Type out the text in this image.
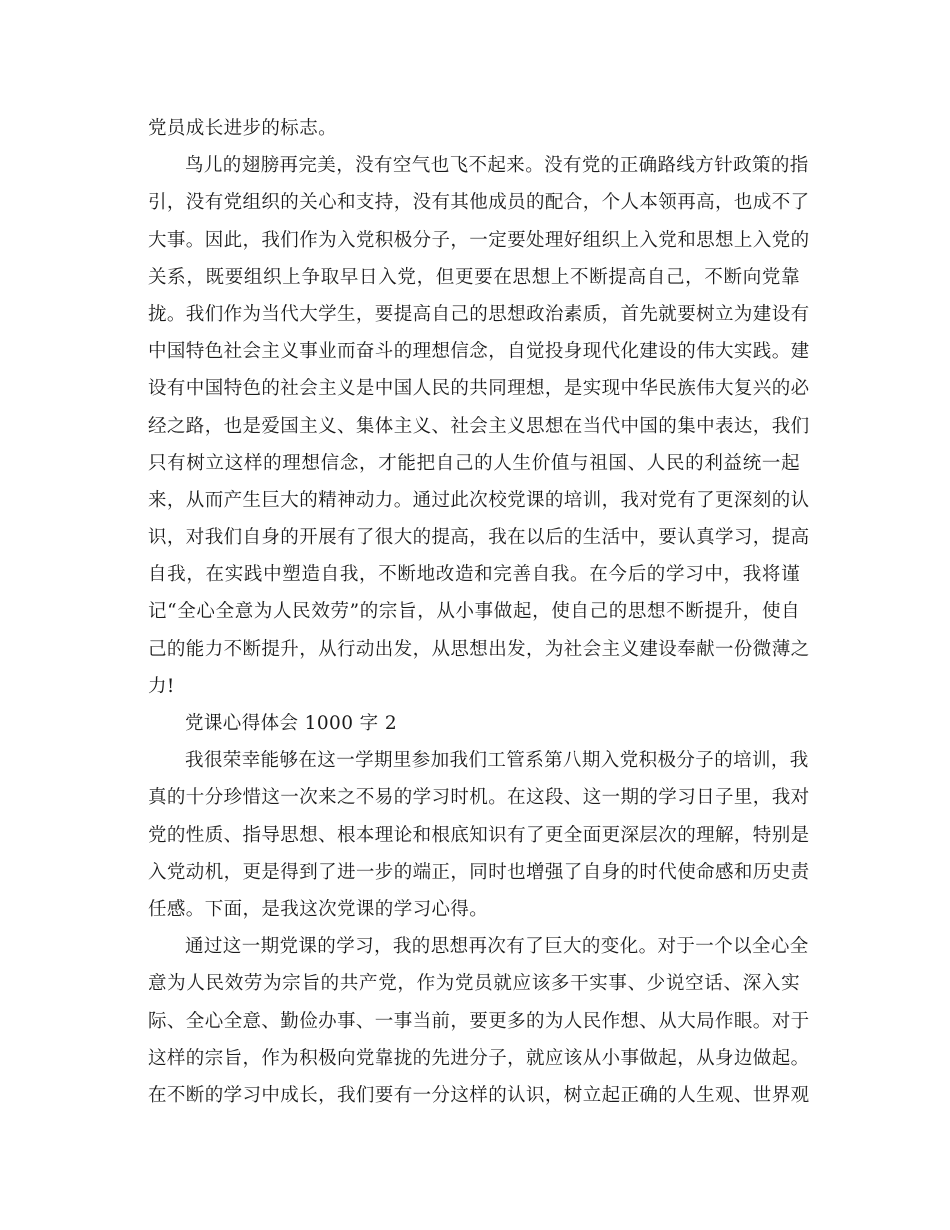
党员成长进步的标志。
鸟儿的翅膀再完美，没有空气也飞不起来。没有党的正确路线方针政策的指
引，没有党组织的关心和支持，没有其他成员的配合，个人本领再高，也成不了
大事。因此，我们作为入党积极分子，一定要处理好组织上入党和思想上入党的
关系，既要组织上争取早日入党，但更要在思想上不断提高自己，不断向党靠
拢。我们作为当代大学生，要提高自己的思想政治素质，首先就要树立为建设有
中国特色社会主义事业而奋斗的理想信念，自觉投身现代化建设的伟大实践。建
设有中国特色的社会主义是中国人民的共同理想，是实现中华民族伟大复兴的必
经之路，也是爱国主义、集体主义、社会主义思想在当代中国的集中表达，我们
只有树立这样的理想信念，才能把自己的人生价值与祖国、人民的利益统一起
来，从而产生巨大的精神动力。通过此次校党课的培训，我对党有了更深刻的认
识，对我们自身的开展有了很大的提高，我在以后的生活中，要认真学习，提高
自我，在实践中塑造自我，不断地改造和完善自我。在今后的学习中，我将谨
记“全心全意为人民效劳”的宗旨，从小事做起，使自己的思想不断提升，使自
己的能力不断提升，从行动出发，从思想出发，为社会主义建设奉献一份微薄之
力!
党课心得体会 1000 字 2
我很荣幸能够在这一学期里参加我们工管系第八期入党积极分子的培训，我
真的十分珍惜这一次来之不易的学习时机。在这段、这一期的学习日子里，我对
党的性质、指导思想、根本理论和根底知识有了更全面更深层次的理解，特别是
入党动机，更是得到了进一步的端正，同时也增强了自身的时代使命感和历史责
任感。下面，是我这次党课的学习心得。
通过这一期党课的学习，我的思想再次有了巨大的变化。对于一个以全心全
意为人民效劳为宗旨的共产党，作为党员就应该多干实事、少说空话、深入实
际、全心全意、勤俭办事、一事当前，要更多的为人民作想、从大局作眼。对于
这样的宗旨，作为积极向党靠拢的先进分子，就应该从小事做起，从身边做起。
在不断的学习中成长，我们要有一分这样的认识，树立起正确的人生观、世界观
